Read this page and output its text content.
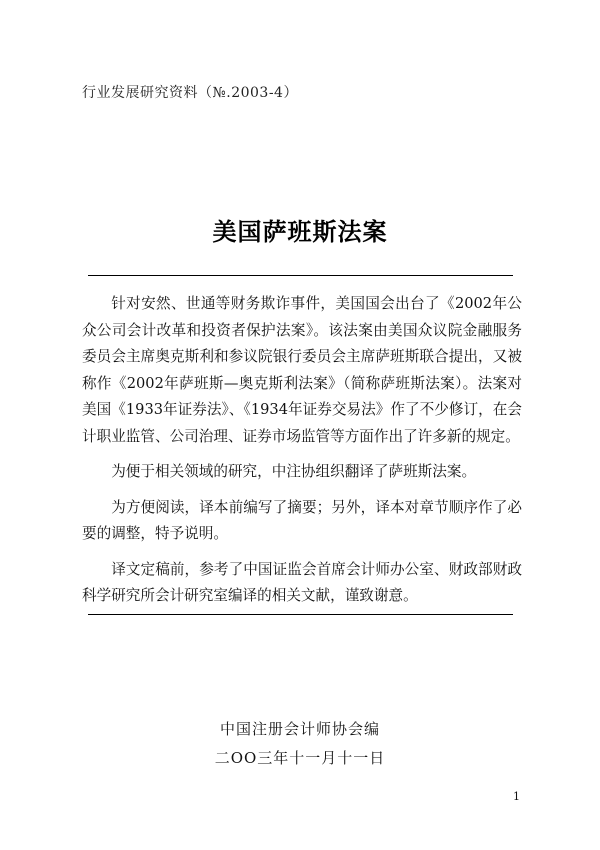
行业发展研究资料（№.2003-4）
美国萨班斯法案

针对安然、世通等财务欺诈事件，美国国会出台了《2002年公众公司会计改革和投资者保护法案》。该法案由美国众议院金融服务委员会主席奥克斯利和参议院银行委员会主席萨班斯联合提出，又被称作《2002年萨班斯—奥克斯利法案》（简称萨班斯法案）。法案对美国《1933年证券法》、《1934年证券交易法》作了不少修订，在会计职业监管、公司治理、证券市场监管等方面作出了许多新的规定。

为便于相关领域的研究，中注协组织翻译了萨班斯法案。

为方便阅读，译本前编写了摘要；另外，译本对章节顺序作了必要的调整，特予说明。

译文定稿前，参考了中国证监会首席会计师办公室、财政部财政科学研究所会计研究室编译的相关文献，谨致谢意。

中国注册会计师协会编
二OO三年十一月十一日
1
